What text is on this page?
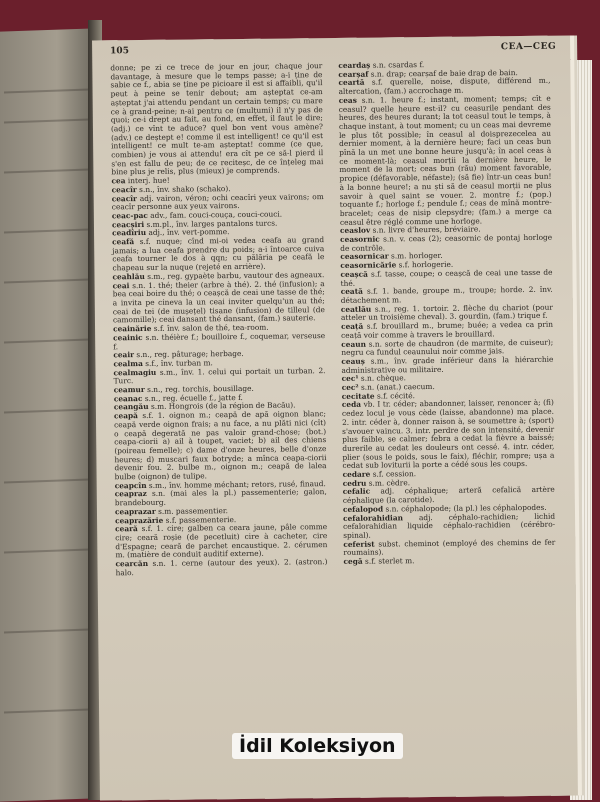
105	CEA—CEG

donne; pe zi ce trece de jour en jour, chaque jour davantage, à mesure que le temps passe; a-i ține de sabie ce f., abia se ține pe picioare il est si affaibli, qu'il peut à peine se tenir debout; am așteptat ce-am așteptat j'ai attendu pendant un certain temps; cu mare ce à grand-peine; n-ai pentru ce (mulțumi) il n'y pas de quoi; ce-i drept au fait, au fond, en effet, il faut le dire; (adj.) ce vînt te aduce? quel bon vent vous amène? (adv.) ce deștept e! comme il est intelligent! ce qu'il est intelligent! ce mult te-am așteptat! comme (ce que, combien) je vous ai attendu! era cît pe ce să-l pierd il s'en est fallu de peu; de ce reciteșc, de ce înțeleg mai bine plus je relis, plus (mieux) je comprends.

cea interj. hue!

ceacîr s.n., înv. shako (schako).

ceacîr adj. vairon, véron; ochi ceacîri yeux vairons; om ceacîr personne aux yeux vairons.

ceac-pac adv., fam. couci-couça, couci-couci.

ceacșiri s.m.pl., înv. larges pantalons turcs.

ceadîriu adj., înv. vert-pomme.

ceafă s.f. nuque; cînd mi-oi vedea ceafa au grand jamais; a lua ceafa prendre du poids; a-i întoarce cuiva ceafa tourner le dos à qqn; cu pălăria pe ceafă le chapeau sur la nuque (rejeté en arrière).

ceahlău s.m., reg. gypaète barbu, vautour des agneaux.

ceai s.n. 1. thé; theier (arbre à thé). 2. thé (infusion); a bea ceai boire du thé; o ceașcă de ceai une tasse de thé; a invita pe cineva la un ceai inviter quelqu'un au thé; ceai de tei (de mușețel) tisane (infusion) de tilleul (de camomille); ceai dansant thé dansant, (fam.) sauterie.

ceainărie s.f. înv. salon de thé, tea-room.

ceainic s.n. théière f.; bouilloire f., coquemar, verseuse f.

ceair s.n., reg. pâturage; herbage.

cealma s.f., înv. turban m.

cealmagiu s.m., înv. 1. celui qui portait un turban. 2. Turc.

ceamur s.n., reg. torchis, bousillage.

ceanac s.n., reg. écuelle f., jatte f.

ceangău s.m. Hongrois (de la région de Bacău).

ceapă s.f. 1. oignon m.; ceapă de apă oignon blanc; ceapă verde oignon frais; a nu face, a nu plăti nici (cît) o ceapă degerată ne pas valoir grand-chose; (bot.) ceapa-ciorii a) ail à toupet, vaciet; b) ail des chiens (poireau femelle); c) dame d'onze heures, belle d'onze heures; d) muscari faux botryde; a mînca ceapa-ciorii devenir fou. 2. bulbe m., oignon m.; ceapă de lalea bulbe (oignon) de tulipe.

ceapcîn s.m., înv. homme méchant; retors, rusé, finaud.

ceapraz s.n. (mai ales la pl.) passementerie; galon, brandebourg.

ceaprazar s.m. passementier.

ceaprazărie s.f. passementerie.

ceară s.f. 1. cire; galben ca ceara jaune, pâle comme cire; ceară roșie (de pecetluit) cire à cacheter, cire d'Espagne; ceară de parchet encaustique. 2. cérumen m. (matière de conduit auditif externe).

cearcăn s.n. 1. cerne (autour des yeux). 2. (astron.) halo.

ceardaș s.n. csardas f.

cearșaf s.n. drap; cearșaf de baie drap de bain.

ceartă s.f. querelle, noise, dispute, différend m., altercation, (fam.) accrochage m.

ceas s.n. 1. heure f.; instant, moment; temps; cît e ceasul? quelle heure est-il? cu ceasurile pendant des heures, des heures durant; la tot ceasul tout le temps, à chaque instant, à tout moment; cu un ceas mai devreme le plus tôt possible; în ceasul al doisprezecelea au dernier moment, à la dernière heure; faci un ceas bun pînă la un met une bonne heure jusqu'à; în acel ceas à ce moment-là; ceasul morții la dernière heure, le moment de la mort; ceas bun (rău) moment favorable, propice (défavorable, néfaste); (să fie) într-un ceas bun! à la bonne heure!; a nu ști să de ceasul morții ne plus savoir à quel saint se vouer. 2. montre f.; (pop.) toquante f.; horloge f.; pendule f.; ceas de mînă montre-bracelet; ceas de nisip clepsydre; (fam.) a merge ca ceasul être réglé comme une horloge.

ceaslov s.n. livre d'heures, bréviaire.

ceasornic s.n. v. ceas (2); ceasornic de pontaj horloge de contrôle.

ceasornicar s.m. horloger.

ceasornicărie s.f. horlogerie.

ceașcă s.f. tasse, coupe; o ceașcă de ceai une tasse de thé.

ceată s.f. 1. bande, groupe m., troupe; horde. 2. înv. détachement m.

ceatlău s.n., reg. 1. tortoir. 2. flèche du chariot (pour atteler un troisième cheval). 3. gourdin, (fam.) trique f.

ceață s.f. brouillard m., brume; buée; a vedea ca prin ceață voir comme à travers le brouillard.

ceaun s.n. sorte de chaudron (de marmite, de cuiseur); negru ca fundul ceaunului noir comme jais.

ceauș s.m., înv. grade inférieur dans la hiérarchie administrative ou militaire.

cec¹ s.n. chèque.

cec² s.n. (anat.) caecum.

cecitate s.f. cécité.

ceda vb. I tr. céder; abandonner, laisser, renoncer à; (fi) cedez locul je vous cède (laisse, abandonne) ma place. 2. intr. céder à, donner raison à, se soumettre à; (sport) s'avouer vaincu. 3. intr. perdre de son intensité, devenir plus faible, se calmer; febra a cedat la fièvre a baissé; durerile au cedat les douleurs ont cessé. 4. intr. céder, plier (sous le poids, sous le faix), fléchir, rompre; ușa a cedat sub loviturii la porte a cédé sous les coups.

cedare s.f. cession.

cedru s.m. cèdre.

cefalic adj. céphalique; arteră cefalică artère céphalique (la carotide).

cefalopod s.n. céphalopode; (la pl.) les céphalopodes.

cefalorahidian adj. céphalo-rachidien; lichid cefalorahidian liquide céphalo-rachidien (cérébro-spinal).

ceferist subst. cheminot (employé des chemins de fer roumains).

cegă s.f. sterlet m.

İdil Koleksiyon
